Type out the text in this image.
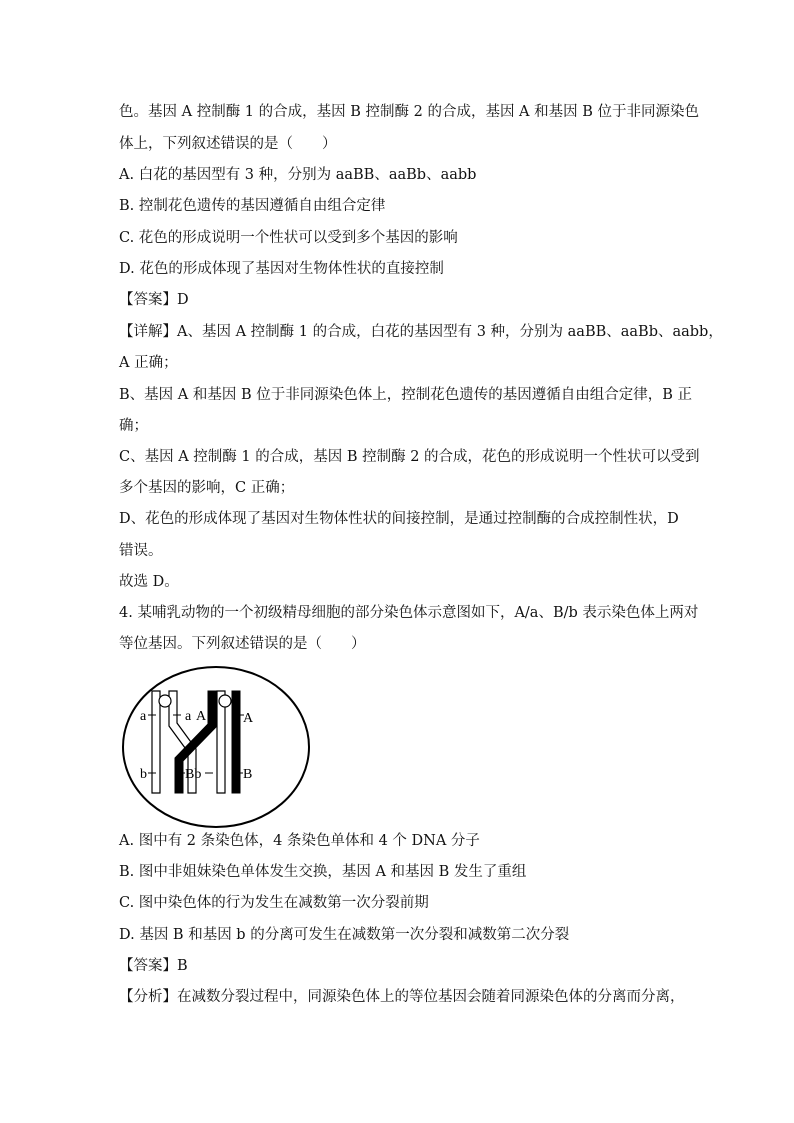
色。基因 A 控制酶 1 的合成，基因 B 控制酶 2 的合成，基因 A 和基因 B 位于非同源染色
体上，下列叙述错误的是（　　）
A. 白花的基因型有 3 种，分别为 aaBB、aaBb、aabb
B. 控制花色遗传的基因遵循自由组合定律
C. 花色的形成说明一个性状可以受到多个基因的影响
D. 花色的形成体现了基因对生物体性状的直接控制
【答案】D
【详解】A、基因 A 控制酶 1 的合成，白花的基因型有 3 种，分别为 aaBB、aaBb、aabb，
A 正确；
B、基因 A 和基因 B 位于非同源染色体上，控制花色遗传的基因遵循自由组合定律，B 正
确；
C、基因 A 控制酶 1 的合成，基因 B 控制酶 2 的合成，花色的形成说明一个性状可以受到
多个基因的影响，C 正确；
D、花色的形成体现了基因对生物体性状的间接控制，是通过控制酶的合成控制性状，D
错误。
故选 D。
4. 某哺乳动物的一个初级精母细胞的部分染色体示意图如下，A/a、B/b 表示染色体上两对
等位基因。下列叙述错误的是（　　）
a	a A	A
b	Bb	B
A. 图中有 2 条染色体，4 条染色单体和 4 个 DNA 分子
B. 图中非姐妹染色单体发生交换，基因 A 和基因 B 发生了重组
C. 图中染色体的行为发生在减数第一次分裂前期
D. 基因 B 和基因 b 的分离可发生在减数第一次分裂和减数第二次分裂
【答案】B
【分析】在减数分裂过程中，同源染色体上的等位基因会随着同源染色体的分离而分离，
